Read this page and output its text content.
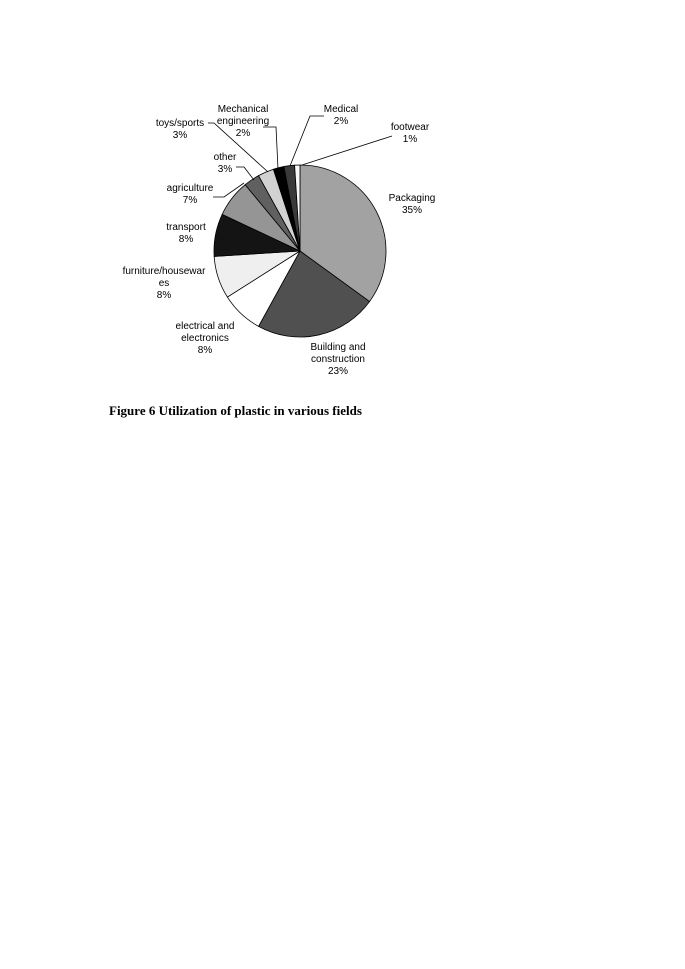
Packaging 35%
Building and construction 23%
electrical and electronics 8%
furniture/housewar es 8%
transport 8%
agriculture 7%
other 3%
toys/sports 3%
Mechanical engineering 2%
Medical 2%
footwear 1%
Figure 6 Utilization of plastic in various fields
